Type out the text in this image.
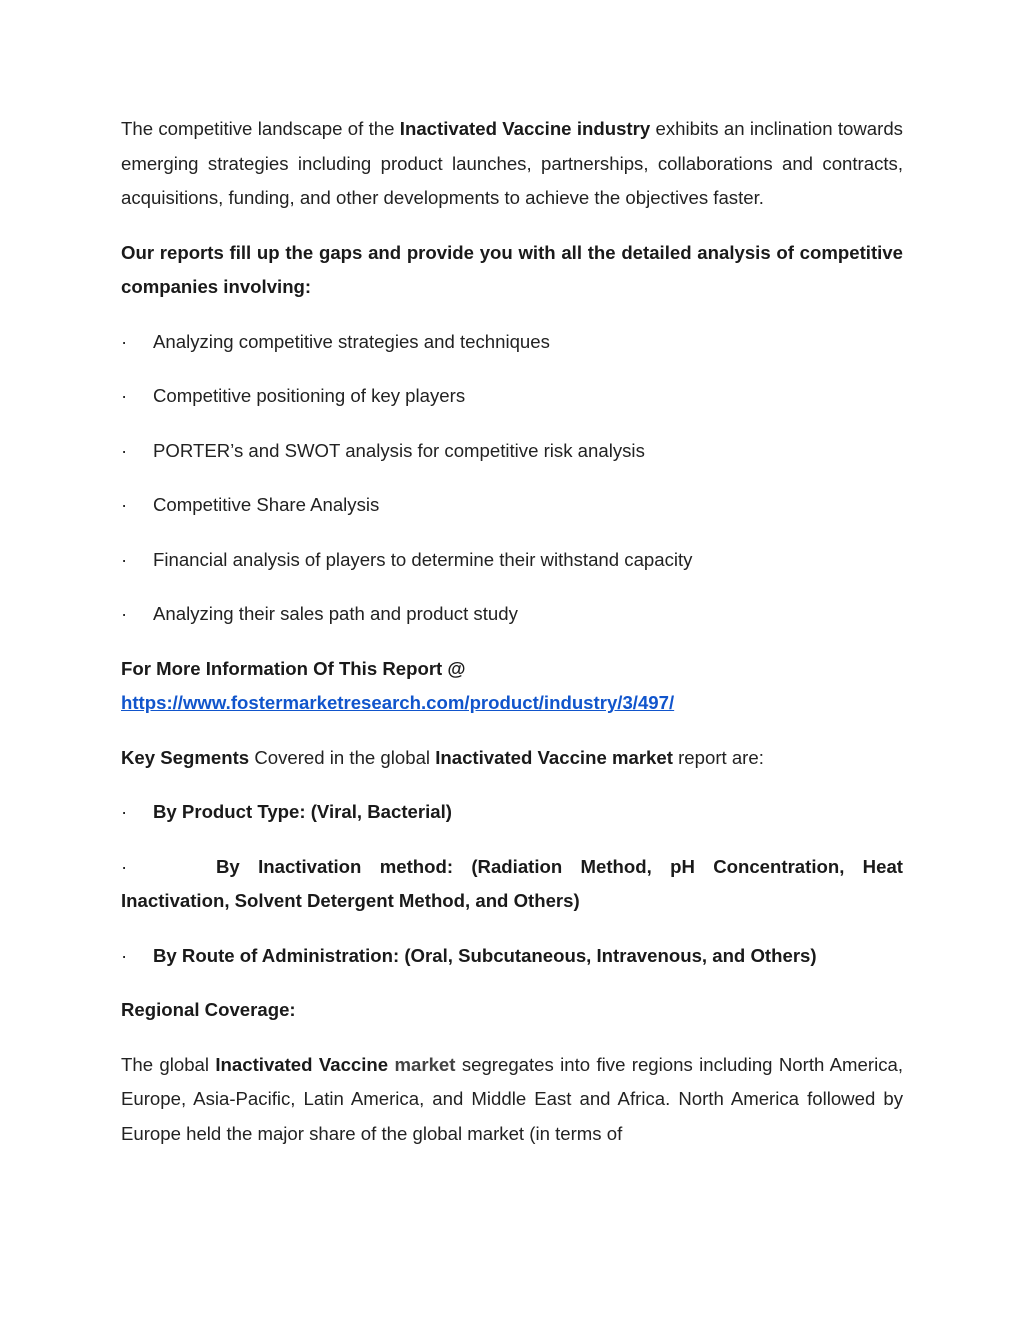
The competitive landscape of the Inactivated Vaccine industry exhibits an inclination towards emerging strategies including product launches, partnerships, collaborations and contracts, acquisitions, funding, and other developments to achieve the objectives faster.

Our reports fill up the gaps and provide you with all the detailed analysis of competitive companies involving:

· Analyzing competitive strategies and techniques

· Competitive positioning of key players

· PORTER’s and SWOT analysis for competitive risk analysis

· Competitive Share Analysis

· Financial analysis of players to determine their withstand capacity

· Analyzing their sales path and product study

For More Information Of This Report @

https://www.fostermarketresearch.com/product/industry/3/497/

Key Segments Covered in the global Inactivated Vaccine market report are:

· By Product Type: (Viral, Bacterial)

·	By Inactivation method: (Radiation Method, pH Concentration, Heat Inactivation, Solvent Detergent Method, and Others)

· By Route of Administration: (Oral, Subcutaneous, Intravenous, and Others)

Regional Coverage:

The global Inactivated Vaccine market segregates into five regions including North America, Europe, Asia-Pacific, Latin America, and Middle East and Africa. North America followed by Europe held the major share of the global market (in terms of
